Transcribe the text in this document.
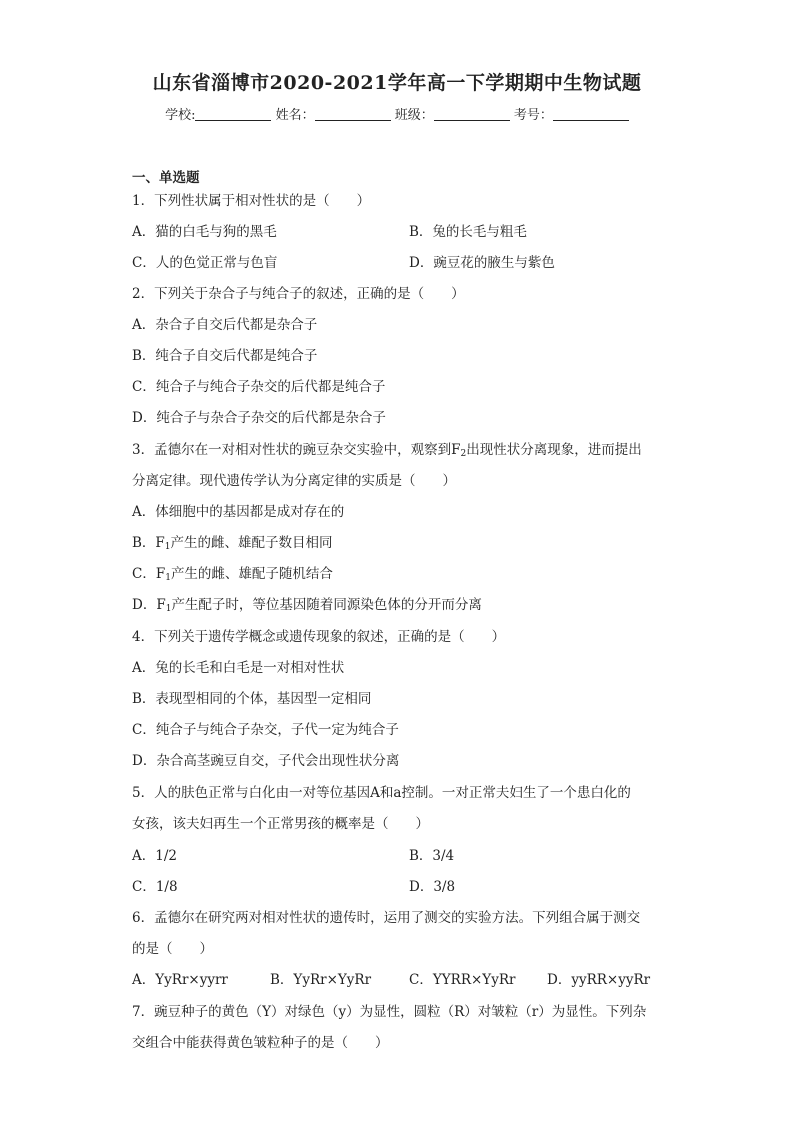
山东省淄博市2020-2021学年高一下学期期中生物试题
学校:	姓名：	班级：	考号：
一、单选题
1．下列性状属于相对性状的是（　　）
A．猫的白毛与狗的黑毛	B．兔的长毛与粗毛
C．人的色觉正常与色盲	D．豌豆花的腋生与紫色
2．下列关于杂合子与纯合子的叙述，正确的是（　　）
A．杂合子自交后代都是杂合子
B．纯合子自交后代都是纯合子
C．纯合子与纯合子杂交的后代都是纯合子
D．纯合子与杂合子杂交的后代都是杂合子
3．孟德尔在一对相对性状的豌豆杂交实验中，观察到$F_2$出现性状分离现象，进而提出
分离定律。现代遗传学认为分离定律的实质是（　　）
A．体细胞中的基因都是成对存在的
B．$F_1$产生的雌、雄配子数目相同
C．$F_1$产生的雌、雄配子随机结合
D．$F_1$产生配子时，等位基因随着同源染色体的分开而分离
4．下列关于遗传学概念或遗传现象的叙述，正确的是（　　）
A．兔的长毛和白毛是一对相对性状
B．表现型相同的个体，基因型一定相同
C．纯合子与纯合子杂交，子代一定为纯合子
D．杂合高茎豌豆自交，子代会出现性状分离
5．人的肤色正常与白化由一对等位基因A和a控制。一对正常夫妇生了一个患白化的
女孩，该夫妇再生一个正常男孩的概率是（　　）
A．1/2	B．3/4
C．1/8	D．3/8
6．孟德尔在研究两对相对性状的遗传时，运用了测交的实验方法。下列组合属于测交
的是（　　）
A．YyRr×yyrr	B．YyRr×YyRr	C．YYRR×YyRr D．yyRR×yyRr
7．豌豆种子的黄色（Y）对绿色（y）为显性，圆粒（R）对皱粒（r）为显性。下列杂
交组合中能获得黄色皱粒种子的是（　　）
